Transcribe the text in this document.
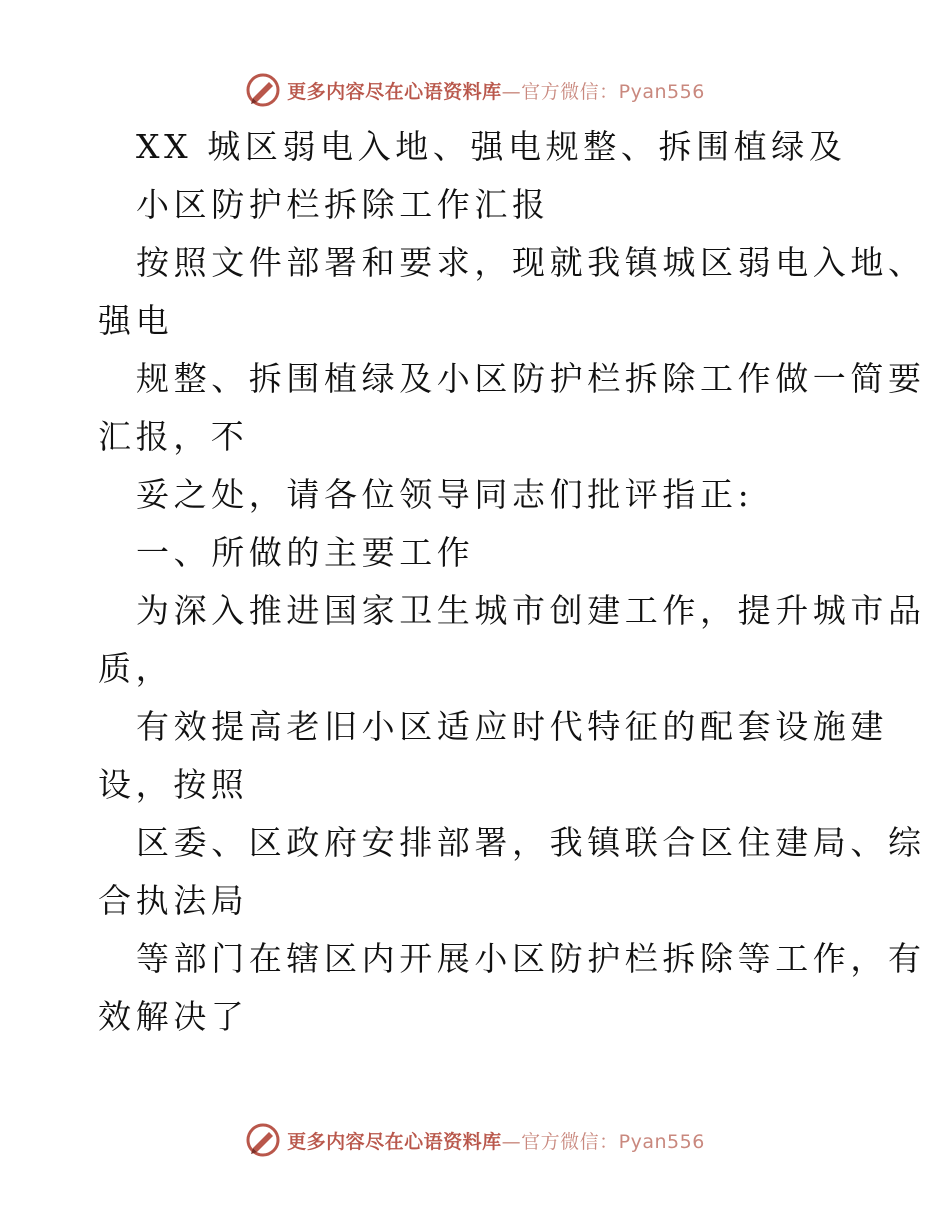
更多内容尽在心语资料库—官方微信：Pyan556

XX 城区弱电入地、强电规整、拆围植绿及

小区防护栏拆除工作汇报

按照文件部署和要求，现就我镇城区弱电入地、

强电

规整、拆围植绿及小区防护栏拆除工作做一简要

汇报，不

妥之处，请各位领导同志们批评指正:

一、所做的主要工作

为深入推进国家卫生城市创建工作，提升城市品

质，

有效提高老旧小区适应时代特征的配套设施建

设，按照

区委、区政府安排部署，我镇联合区住建局、综

合执法局

等部门在辖区内开展小区防护栏拆除等工作，有

效解决了

更多内容尽在心语资料库—官方微信：Pyan556
